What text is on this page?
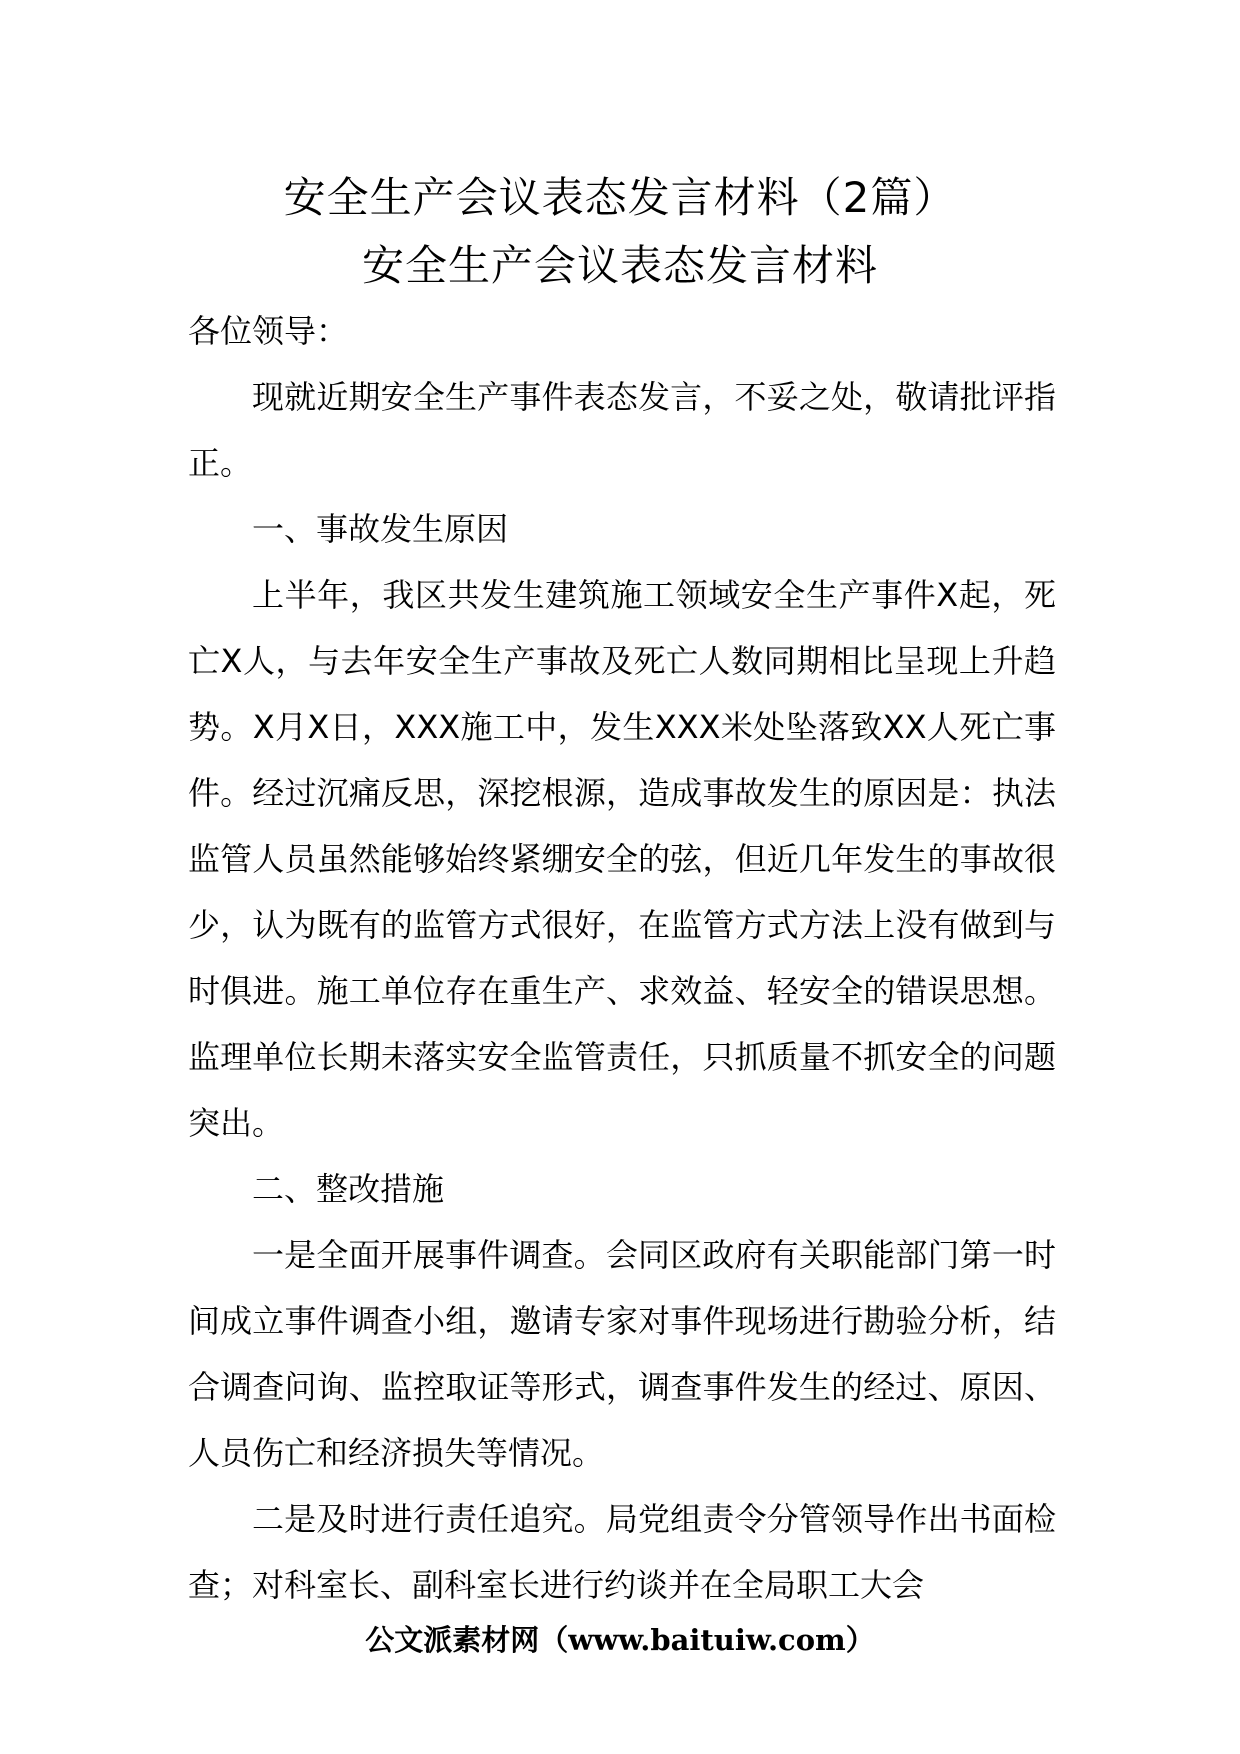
安全生产会议表态发言材料（2篇）
安全生产会议表态发言材料

各位领导：

现就近期安全生产事件表态发言，不妥之处，敬请批评指正。

一、事故发生原因

上半年，我区共发生建筑施工领域安全生产事件X起，死亡X人，与去年安全生产事故及死亡人数同期相比呈现上升趋势。X月X日，XXX施工中，发生XXX米处坠落致XX人死亡事件。经过沉痛反思，深挖根源，造成事故发生的原因是：执法监管人员虽然能够始终紧绷安全的弦，但近几年发生的事故很少，认为既有的监管方式很好，在监管方式方法上没有做到与时俱进。施工单位存在重生产、求效益、轻安全的错误思想。监理单位长期未落实安全监管责任，只抓质量不抓安全的问题突出。

二、整改措施

一是全面开展事件调查。会同区政府有关职能部门第一时间成立事件调查小组，邀请专家对事件现场进行勘验分析，结合调查问询、监控取证等形式，调查事件发生的经过、原因、人员伤亡和经济损失等情况。

二是及时进行责任追究。局党组责令分管领导作出书面检查；对科室长、副科室长进行约谈并在全局职工大会

公文派素材网（www.baituiw.com）
